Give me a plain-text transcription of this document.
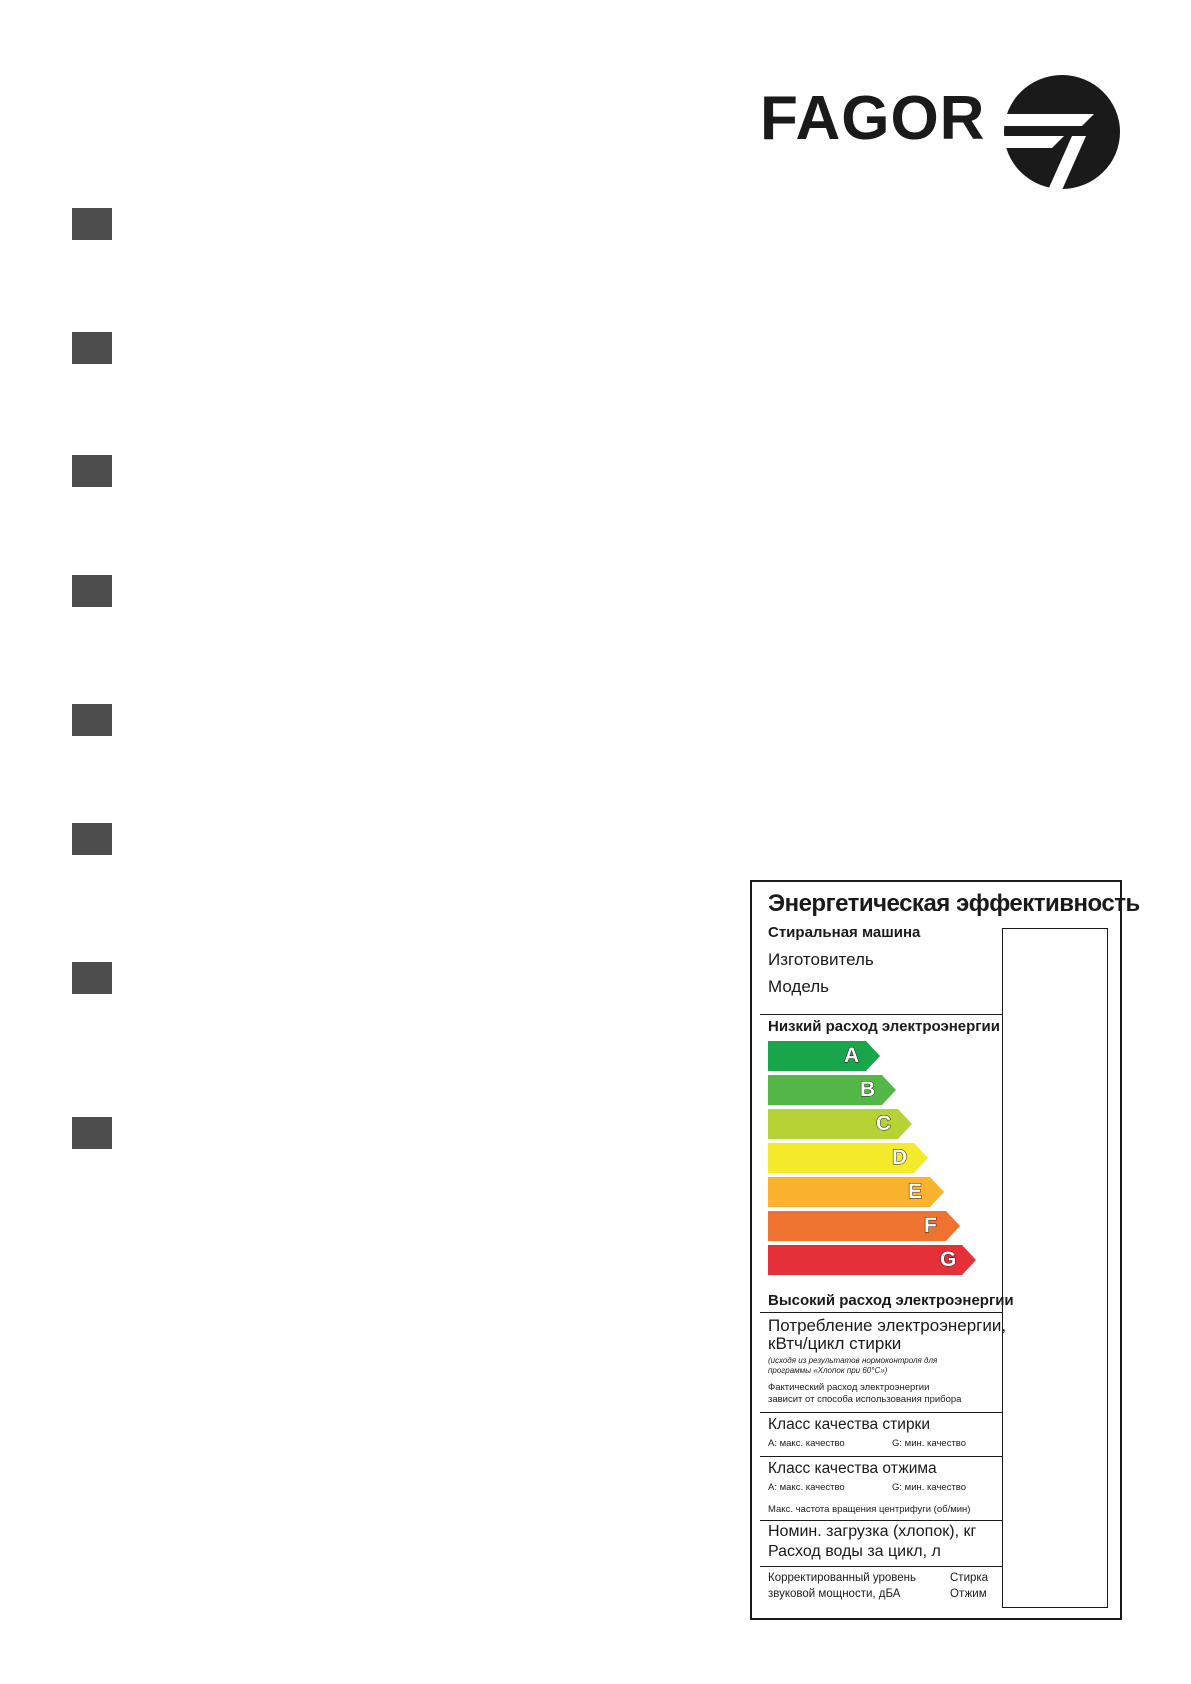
FAGOR
Энергетическая эффективность
Стиральная машина
Изготовитель
Модель
Низкий расход электроэнергии
A
B
C
D
E
F
G
Высокий расход электроэнергии
Потребление электроэнергии,
кВтч/цикл стирки
(исходя из результатов нормоконтроля для
программы «Хлопок при 60°C»)
Фактический расход электроэнергии
зависит от способа использования прибора
Класс качества стирки
A: макс. качество	G: мин. качество
Класс качества отжима
A: макс. качество	G: мин. качество
Макс. частота вращения центрифуги (об/мин)
Номин. загрузка (хлопок), кг
Расход воды за цикл, л
Корректированный уровень
звуковой мощности, дБА
Стирка
Отжим
